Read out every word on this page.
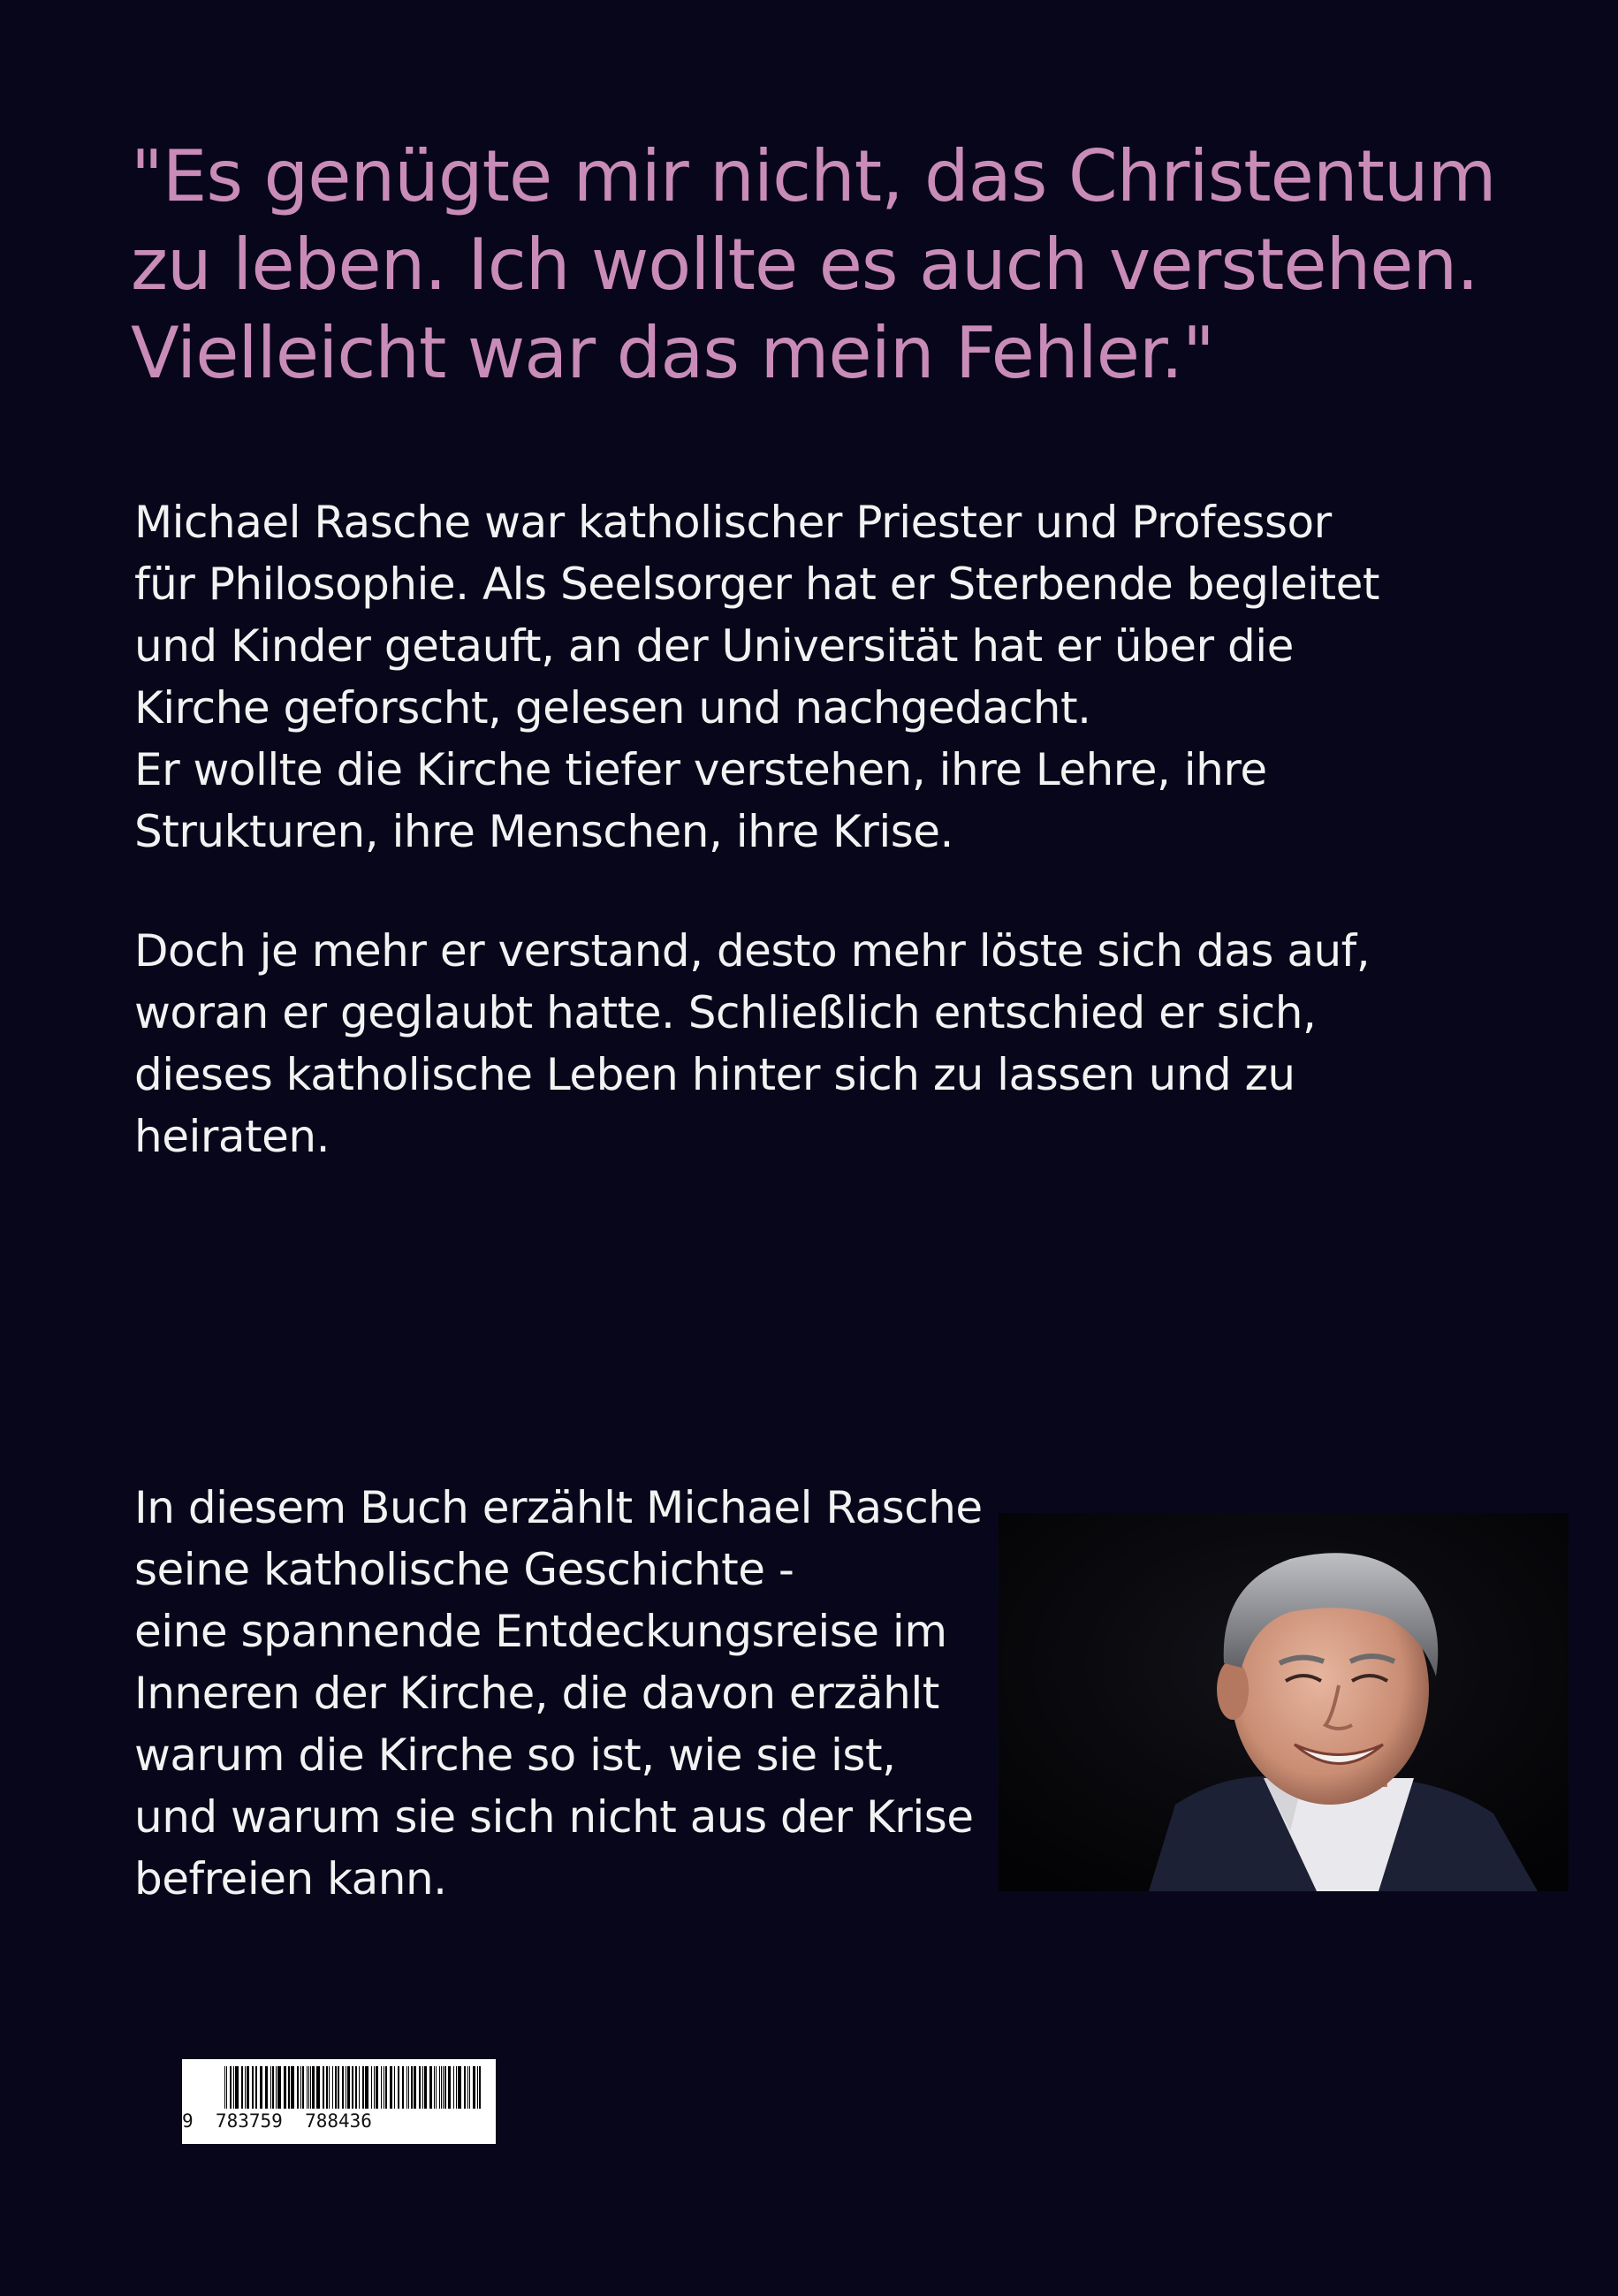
"Es genügte mir nicht, das Christentum
zu leben. Ich wollte es auch verstehen.
Vielleicht war das mein Fehler."
Michael Rasche war katholischer Priester und Professor
für Philosophie. Als Seelsorger hat er Sterbende begleitet
und Kinder getauft, an der Universität hat er über die
Kirche geforscht, gelesen und nachgedacht.
Er wollte die Kirche tiefer verstehen, ihre Lehre, ihre
Strukturen, ihre Menschen, ihre Krise.
Doch je mehr er verstand, desto mehr löste sich das auf,
woran er geglaubt hatte. Schließlich entschied er sich,
dieses katholische Leben hinter sich zu lassen und zu
heiraten.
In diesem Buch erzählt Michael Rasche
seine katholische Geschichte -
eine spannende Entdeckungsreise im
Inneren der Kirche, die davon erzählt
warum die Kirche so ist, wie sie ist,
und warum sie sich nicht aus der Krise
befreien kann.
9  783759  788436
